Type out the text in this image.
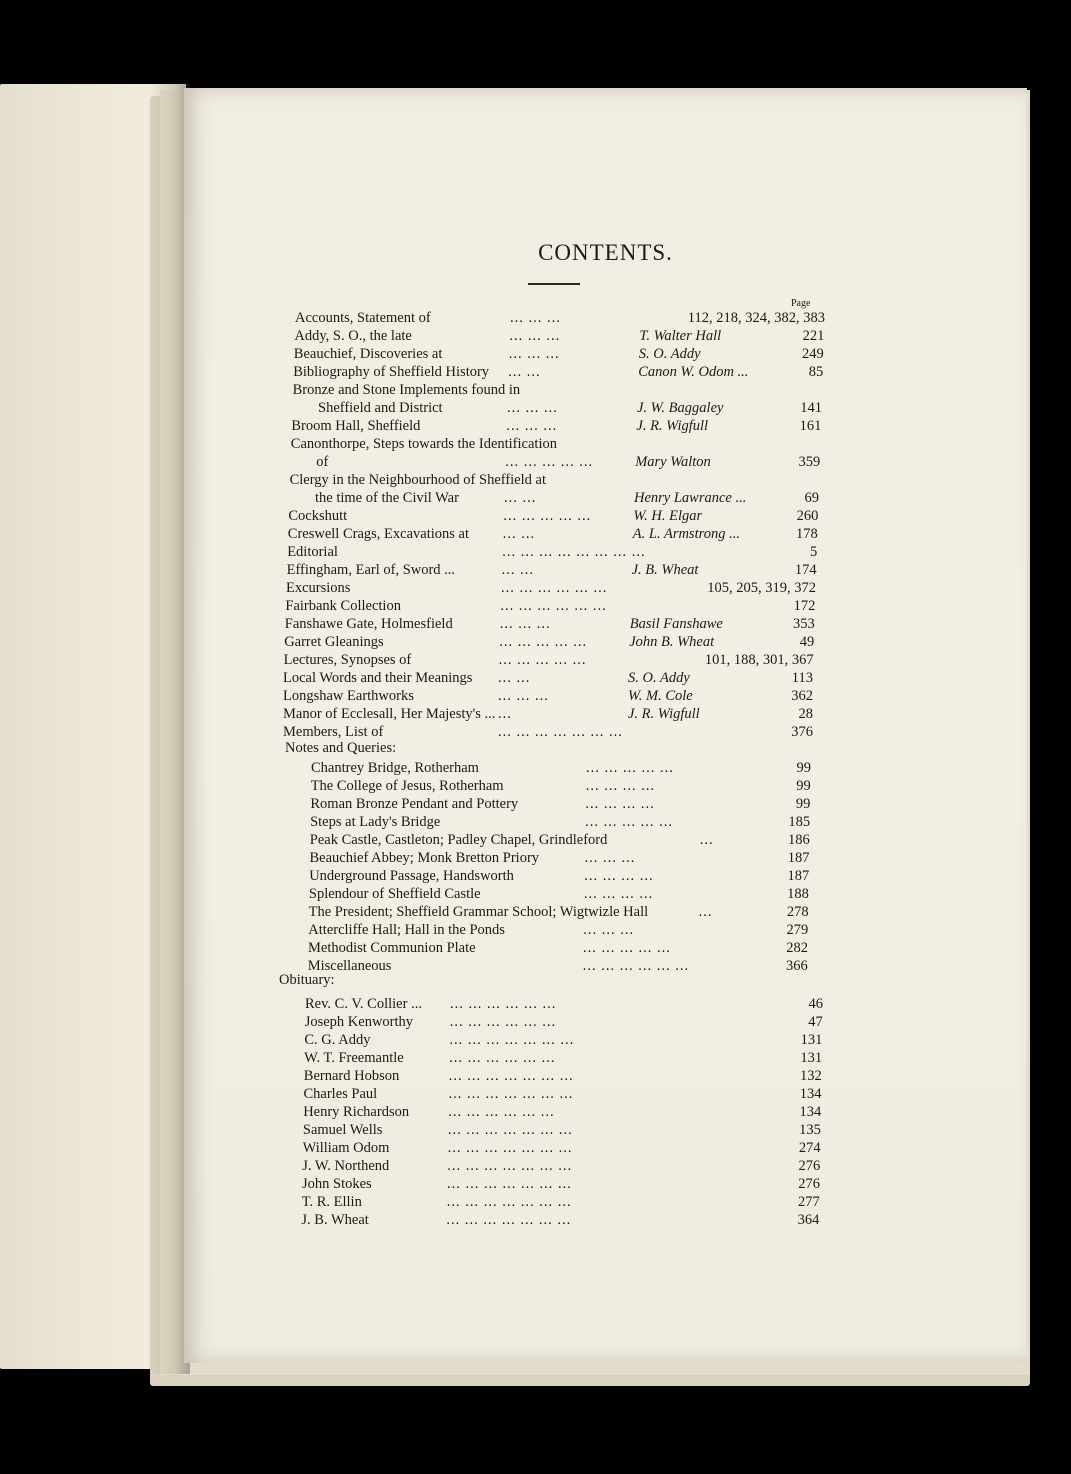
CONTENTS.
Page
Accounts, Statement of	... ... ...	112, 218, 324, 382, 383
Addy, S. O., the late	... ... ...	T. Walter Hall	221
Beauchief, Discoveries at	... ... ...	S. O. Addy	249
Bibliography of Sheffield History ... ...	Canon W. Odom ...	85
Bronze and Stone Implements found in
Sheffield and District	... ... ...	J. W. Baggaley	141
Broom Hall, Sheffield	... ... ...	J. R. Wigfull	161
Canonthorpe, Steps towards the Identification
of	... ... ... ... ...	Mary Walton	359
Clergy in the Neighbourhood of Sheffield at
the time of the Civil War	... ...	Henry Lawrance ...	69
Cockshutt	... ... ... ... ...	W. H. Elgar	260
Creswell Crags, Excavations at ... ...	A. L. Armstrong ...	178
Editorial	... ... ... ... ... ... ... ...	5
Effingham, Earl of, Sword ...	... ...	J. B. Wheat	174
Excursions	... ... ... ... ... ...	105, 205, 319, 372
Fairbank Collection	... ... ... ... ... ...	172
Fanshawe Gate, Holmesfield	... ... ...	Basil Fanshawe	353
Garret Gleanings	... ... ... ... ...	John B. Wheat	49
Lectures, Synopses of	... ... ... ... ...	101, 188, 301, 367
Local Words and their Meanings ... ...	S. O. Addy	113
Longshaw Earthworks	... ... ...	W. M. Cole	362
Manor of Ecclesall, Her Majesty's ... ...	J. R. Wigfull	28
Members, List of	... ... ... ... ... ... ...	376
Notes and Queries:
Chantrey Bridge, Rotherham	... ... ... ... ...	99
The College of Jesus, Rotherham	... ... ... ...	99
Roman Bronze Pendant and Pottery	... ... ... ...	99
Steps at Lady's Bridge	... ... ... ... ...	185
Peak Castle, Castleton; Padley Chapel, Grindleford	...	186
Beauchief Abbey; Monk Bretton Priory	... ... ...	187
Underground Passage, Handsworth	... ... ... ...	187
Splendour of Sheffield Castle	... ... ... ...	188
The President; Sheffield Grammar School; Wigtwizle Hall	...	278
Attercliffe Hall; Hall in the Ponds	... ... ...	279
Methodist Communion Plate	... ... ... ... ...	282
Miscellaneous	... ... ... ... ... ...	366
Obituary:
Rev. C. V. Collier ... ... ... ... ... ... ...	46
Joseph Kenworthy	... ... ... ... ... ...	47
C. G. Addy	... ... ... ... ... ... ...	131
W. T. Freemantle	... ... ... ... ... ...	131
Bernard Hobson	... ... ... ... ... ... ...	132
Charles Paul	... ... ... ... ... ... ...	134
Henry Richardson	... ... ... ... ... ...	134
Samuel Wells	... ... ... ... ... ... ...	135
William Odom	... ... ... ... ... ... ...	274
J. W. Northend	... ... ... ... ... ... ...	276
John Stokes	... ... ... ... ... ... ...	276
T. R. Ellin	... ... ... ... ... ... ...	277
J. B. Wheat	... ... ... ... ... ... ...	364
